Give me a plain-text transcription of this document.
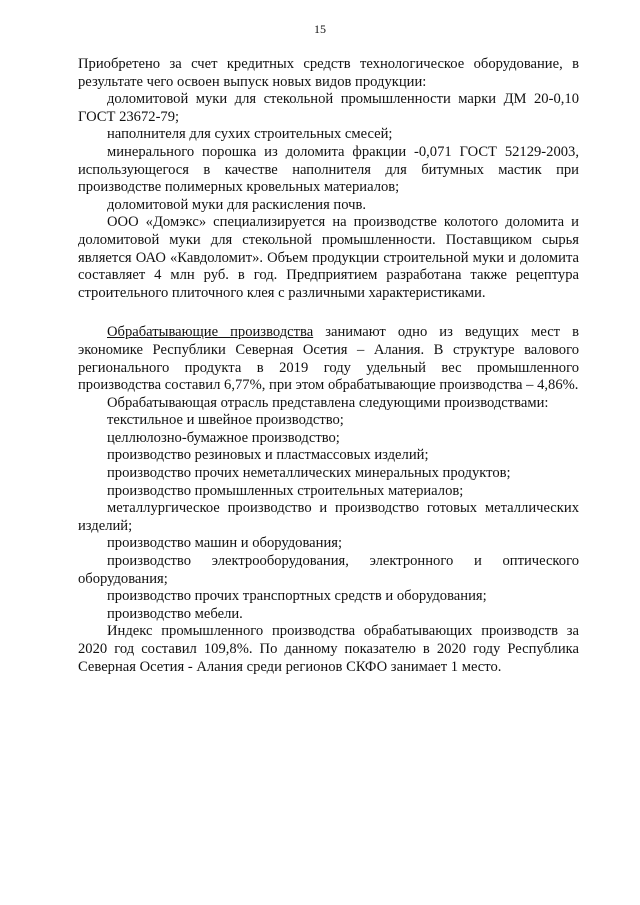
15

Приобретено за счет кредитных средств технологическое оборудование, в результате чего освоен выпуск новых видов продукции:

доломитовой муки для стекольной промышленности марки ДМ 20-0,10 ГОСТ 23672-79;

наполнителя для сухих строительных смесей;

минерального порошка из доломита фракции -0,071 ГОСТ 52129-2003, использующегося в качестве наполнителя для битумных мастик при производстве полимерных кровельных материалов;

доломитовой муки для раскисления почв.

ООО «Домэкс» специализируется на производстве колотого доломита и доломитовой муки для стекольной промышленности. Поставщиком сырья является ОАО «Кавдоломит». Объем продукции строительной муки и доломита составляет 4 млн руб. в год. Предприятием разработана также рецептура строительного плиточного клея с различными характеристиками.

Обрабатывающие производства занимают одно из ведущих мест в экономике Республики Северная Осетия – Алания. В структуре валового регионального продукта в 2019 году удельный вес промышленного производства составил 6,77%, при этом обрабатывающие производства – 4,86%.

Обрабатывающая отрасль представлена следующими производствами:

текстильное и швейное производство;

целлюлозно-бумажное производство;

производство резиновых и пластмассовых изделий;

производство прочих неметаллических минеральных продуктов;

производство промышленных строительных материалов;

металлургическое производство и производство готовых металлических изделий;

производство машин и оборудования;

производство электрооборудования, электронного и оптического оборудования;

производство прочих транспортных средств и оборудования;

производство мебели.

Индекс промышленного производства обрабатывающих производств за 2020 год составил 109,8%. По данному показателю в 2020 году Республика Северная Осетия - Алания среди регионов СКФО занимает 1 место.
